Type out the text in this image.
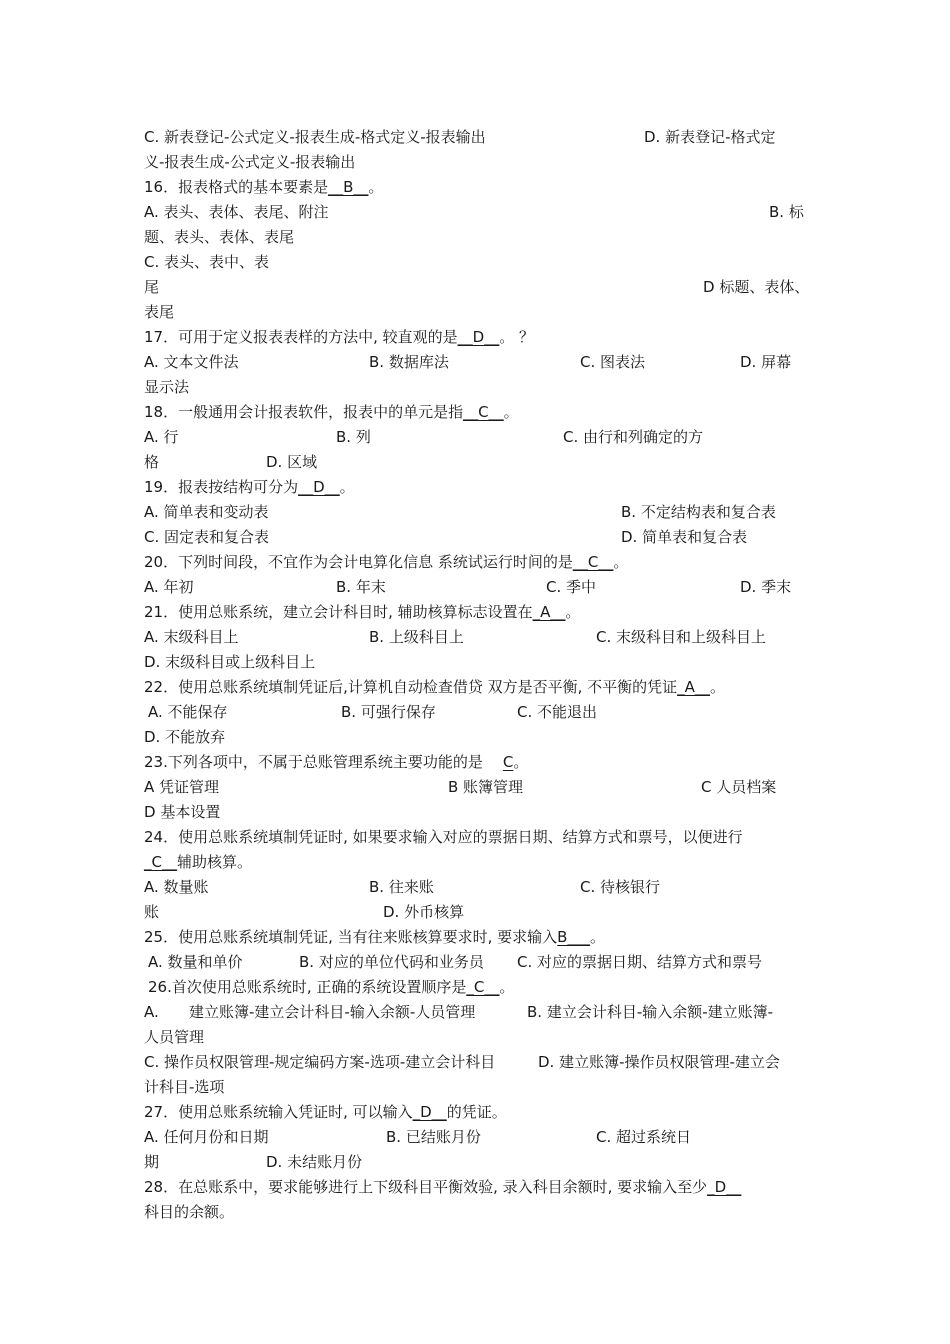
C. 新表登记-公式定义-报表生成-格式定义-报表输出	D. 新表登记-格式定
义-报表生成-公式定义-报表输出
16．报表格式的基本要素是__B__。
A. 表头、表体、表尾、附注	B. 标
题、表头、表体、表尾
C. 表头、表中、表
尾	D 标题、表体、
表尾
17．可用于定义报表表样的方法中, 较直观的是__D__。 ？
A. 文本文件法	B. 数据库法	C. 图表法	D. 屏幕
显示法
18．一般通用会计报表软件，报表中的单元是指__C__。
A. 行	B. 列	C. 由行和列确定的方
格	D. 区域
19．报表按结构可分为__D__。
A. 简单表和变动表	B. 不定结构表和复合表
C. 固定表和复合表	D. 简单表和复合表
20．下列时间段，不宜作为会计电算化信息 系统试运行时间的是__C__。
A. 年初	B. 年末	C. 季中	D. 季末
21．使用总账系统，建立会计科目时, 辅助核算标志设置在_A__。
A. 末级科目上	B. 上级科目上	C. 末级科目和上级科目上
D. 末级科目或上级科目上
22．使用总账系统填制凭证后,计算机自动检查借贷 双方是否平衡, 不平衡的凭证_A__。
A. 不能保存	B. 可强行保存	C. 不能退出
D. 不能放弃
23.下列各项中，不属于总账管理系统主要功能的是 C。
A 凭证管理	B 账簿管理	C 人员档案
D 基本设置
24．使用总账系统填制凭证时, 如果要求输入对应的票据日期、结算方式和票号，以便进行
_C__辅助核算。
A. 数量账	B. 往来账	C. 待核银行
账	D. 外币核算
25．使用总账系统填制凭证, 当有往来账核算要求时, 要求输入B___。
A. 数量和单价	B. 对应的单位代码和业务员 C. 对应的票据日期、结算方式和票号
26.首次使用总账系统时, 正确的系统设置顺序是_C__。
A. 建立账簿-建立会计科目-输入余额-人员管理	B. 建立会计科目-输入余额-建立账簿-
人员管理
C. 操作员权限管理-规定编码方案-选项-建立会计科目	D. 建立账簿-操作员权限管理-建立会
计科目-选项
27．使用总账系统输入凭证时, 可以输入_D__的凭证。
A. 任何月份和日期	B. 已结账月份	C. 超过系统日
期	D. 未结账月份
28．在总账系中，要求能够进行上下级科目平衡效验, 录入科目余额时, 要求输入至少_D__
科目的余额。
